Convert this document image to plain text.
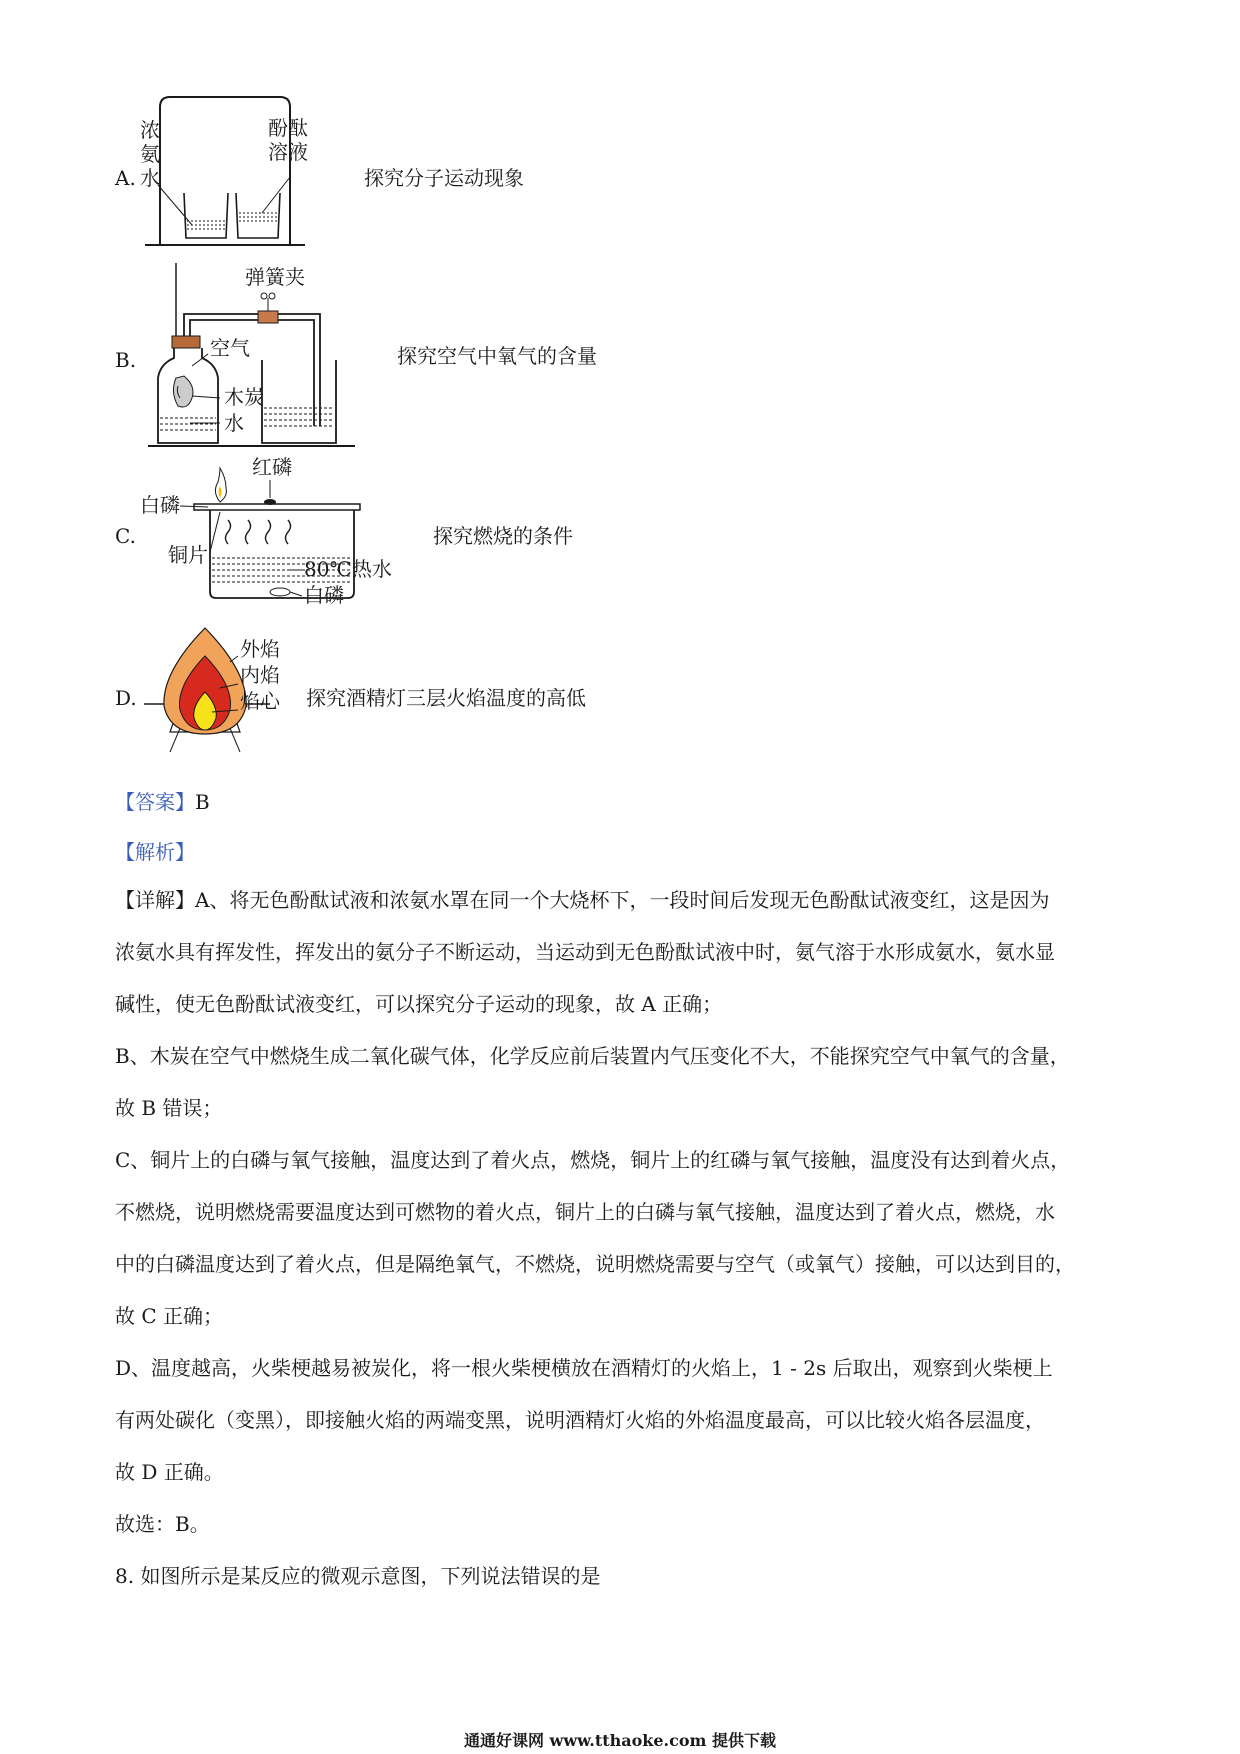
A.
浓
氨
水
酚酞
溶液
探究分子运动现象
B.
弹簧夹
空气
木炭
水
探究空气中氧气的含量
C.
红磷
白磷
铜片
80℃热水
白磷
探究燃烧的条件
D.
外焰
内焰
焰心 探究酒精灯三层火焰温度的高低
【答案】B
【解析】
【详解】A、将无色酚酞试液和浓氨水罩在同一个大烧杯下，一段时间后发现无色酚酞试液变红，这是因为
浓氨水具有挥发性，挥发出的氨分子不断运动，当运动到无色酚酞试液中时，氨气溶于水形成氨水，氨水显
碱性，使无色酚酞试液变红，可以探究分子运动的现象，故 A 正确；
B、木炭在空气中燃烧生成二氧化碳气体，化学反应前后装置内气压变化不大，不能探究空气中氧气的含量，
故 B 错误；
C、铜片上的白磷与氧气接触，温度达到了着火点，燃烧，铜片上的红磷与氧气接触，温度没有达到着火点，
不燃烧，说明燃烧需要温度达到可燃物的着火点，铜片上的白磷与氧气接触，温度达到了着火点，燃烧，水
中的白磷温度达到了着火点，但是隔绝氧气，不燃烧，说明燃烧需要与空气（或氧气）接触，可以达到目的，
故 C 正确；
D、温度越高，火柴梗越易被炭化，将一根火柴梗横放在酒精灯的火焰上，1 - 2s 后取出，观察到火柴梗上
有两处碳化（变黑），即接触火焰的两端变黑，说明酒精灯火焰的外焰温度最高，可以比较火焰各层温度，
故 D 正确。
故选：B。
8. 如图所示是某反应的微观示意图，下列说法错误的是
通通好课网 www.tthaoke.com 提供下载
